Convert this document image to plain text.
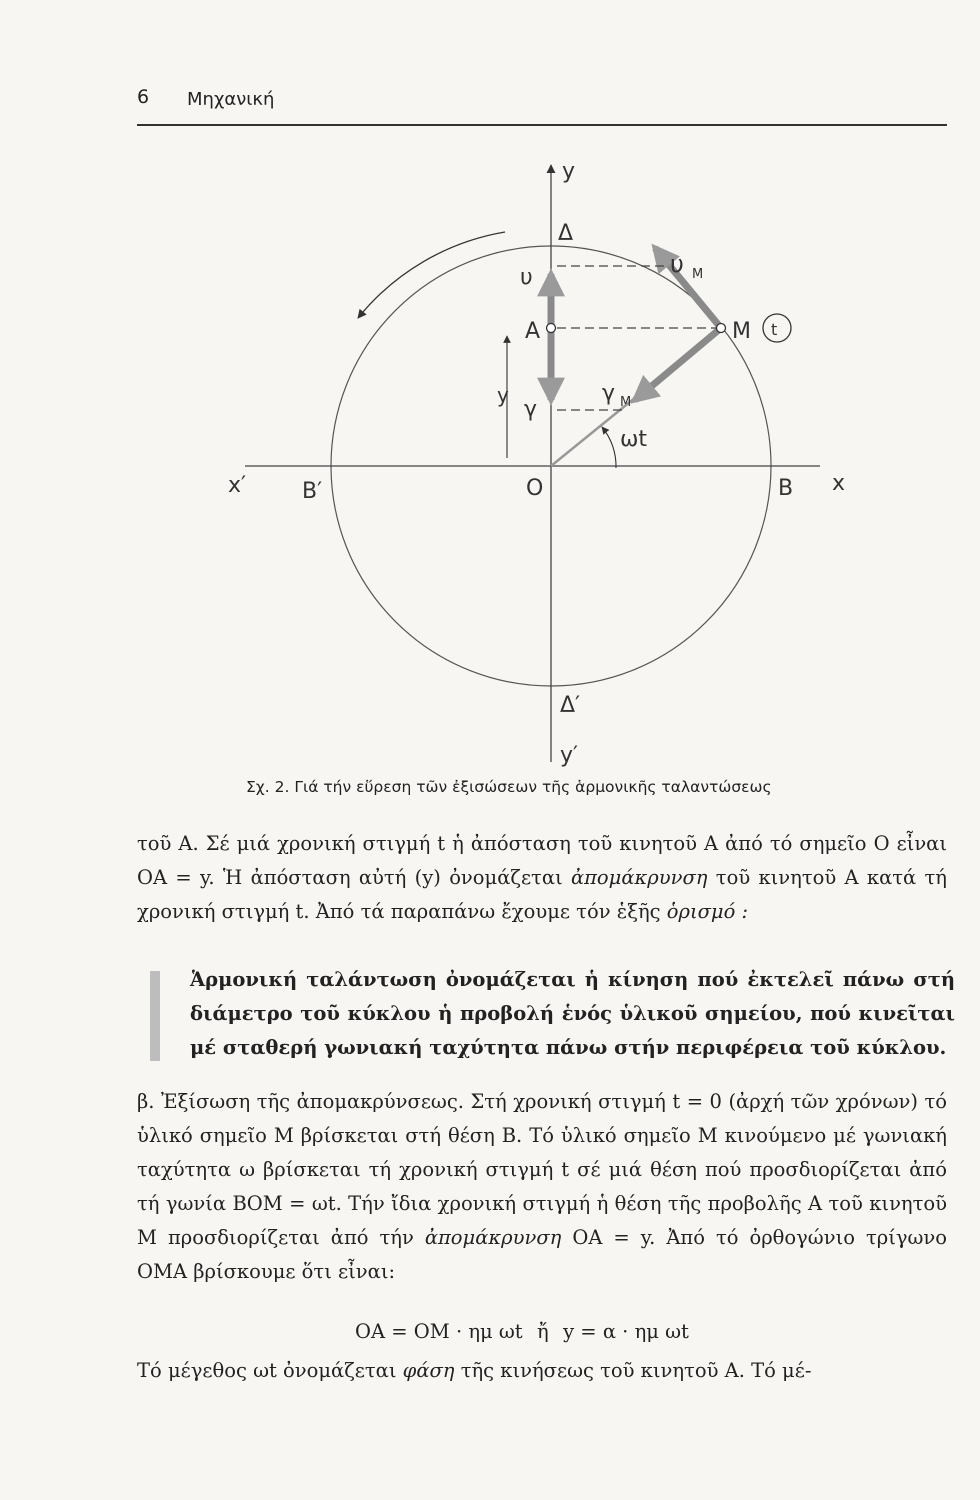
6 Μηχανική
y
Δ
υ	υ M
A	M t
γ M
y
γ
ωt
x′	B′	O	B x
Δ′
y′
Σχ. 2. Γιά τήν εὕρεση τῶν ἐξισώσεων τῆς ἁρμονικῆς ταλαντώσεως
τοῦ Α. Σέ μιά χρονική στιγμή t ἡ ἀπόσταση τοῦ κινητοῦ Α ἀπό τό σημεῖο Ο εἶναι ΟΑ = y. Ἡ ἀπόσταση αὐτή (y) ὀνομάζεται ἀπομάκρυνση τοῦ κινητοῦ Α κατά τή χρονική στιγμή t. Ἀπό τά παραπάνω ἔχουμε τόν ἑξῆς ὁρισμό :
Ἁρμονική ταλάντωση ὀνομάζεται ἡ κίνηση πού ἐκτελεῖ πάνω στή διάμετρο τοῦ κύκλου ἡ προβολή ἑνός ὑλικοῦ σημείου, πού κινεῖται μέ σταθερή γωνιακή ταχύτητα πάνω στήν περιφέρεια τοῦ κύκλου.
β. Ἐξίσωση τῆς ἀπομακρύνσεως. Στή χρονική στιγμή t = 0 (ἀρχή τῶν χρόνων) τό ὑλικό σημεῖο Μ βρίσκεται στή θέση Β. Τό ὑλικό σημεῖο Μ κινούμενο μέ γωνιακή ταχύτητα ω βρίσκεται τή χρονική στιγμή t σέ μιά θέση πού προσδιορίζεται ἀπό τή γωνία ΒΟΜ = ωt. Τήν ἴδια χρονική στιγμή ἡ θέση τῆς προβολῆς Α τοῦ κινητοῦ Μ προσδιορίζεται ἀπό τήν ἀπομάκρυνση ΟΑ = y. Ἀπό τό ὀρθογώνιο τρίγωνο ΟΜΑ βρίσκουμε ὅτι εἶναι:
ΟΑ = ΟΜ · ημ ωt ἤ y = α · ημ ωt
Τό μέγεθος ωt ὀνομάζεται φάση τῆς κινήσεως τοῦ κινητοῦ Α. Τό μέ-
